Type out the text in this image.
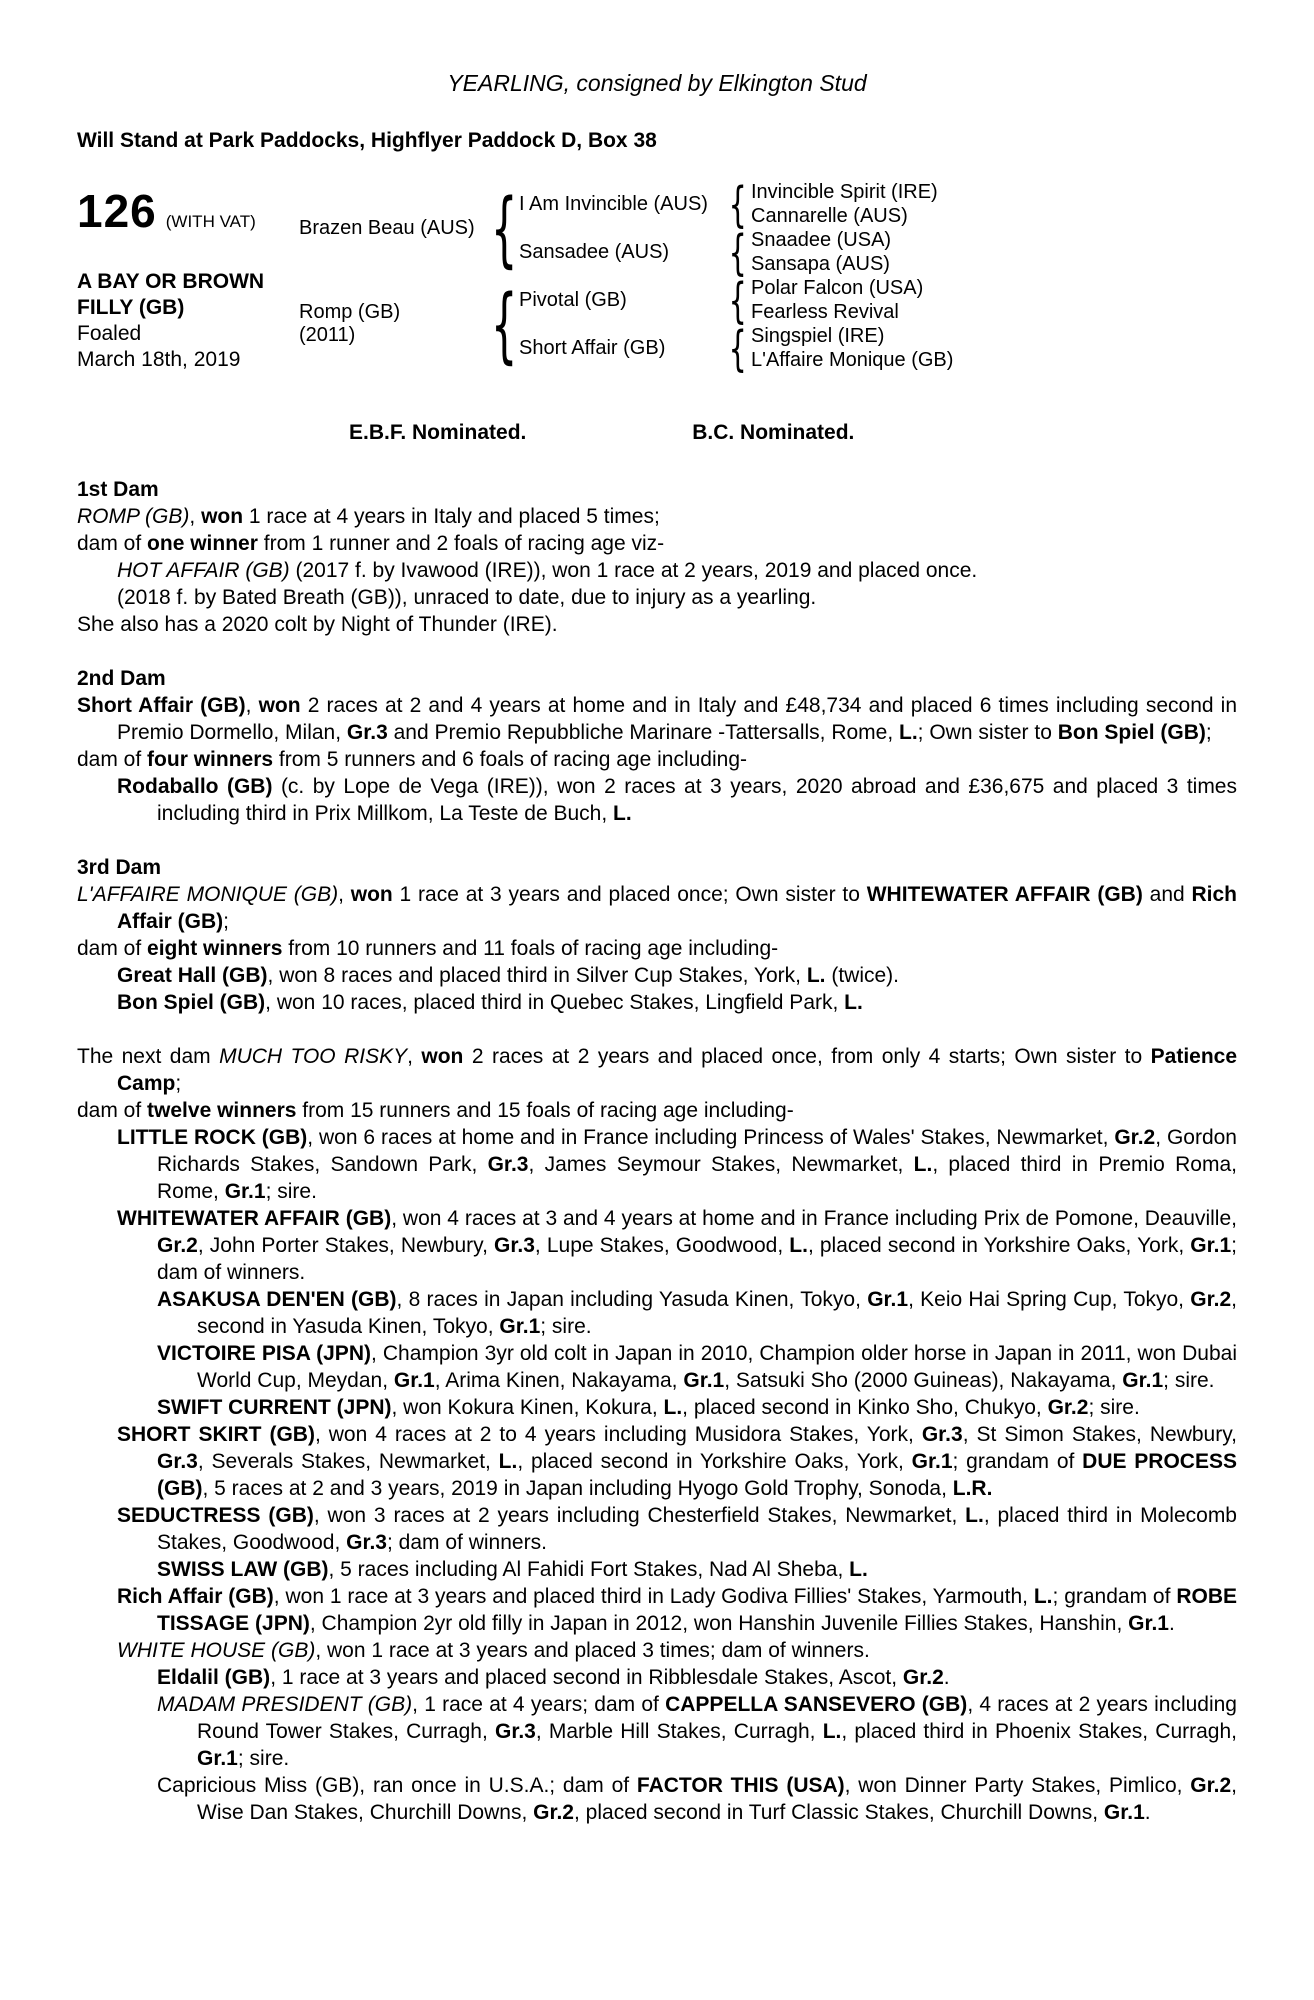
YEARLING, consigned by Elkington Stud
Will Stand at Park Paddocks, Highflyer Paddock D, Box 38
126 (WITH VAT)
A BAY OR BROWN
FILLY (GB)
Foaled
March 18th, 2019
Brazen Beau (AUS)
{
I Am Invincible (AUS)
{
Invincible Spirit (IRE)
Cannarelle (AUS)
Sansadee (AUS)
{
Snaadee (USA)
Sansapa (AUS)
Romp (GB)
(2011)
{
Pivotal (GB)
{
Polar Falcon (USA)
Fearless Revival
Short Affair (GB)
{
Singspiel (IRE)
L'Affaire Monique (GB)
E.B.F. Nominated.	B.C. Nominated.
1st Dam
ROMP (GB), won 1 race at 4 years in Italy and placed 5 times;
dam of one winner from 1 runner and 2 foals of racing age viz-
HOT AFFAIR (GB) (2017 f. by Ivawood (IRE)), won 1 race at 2 years, 2019 and placed once.
(2018 f. by Bated Breath (GB)), unraced to date, due to injury as a yearling.
She also has a 2020 colt by Night of Thunder (IRE).
2nd Dam
Short Affair (GB), won 2 races at 2 and 4 years at home and in Italy and £48,734 and placed 6 times including second in Premio Dormello, Milan, Gr.3 and Premio Repubbliche Marinare -Tattersalls, Rome, L.; Own sister to Bon Spiel (GB);
dam of four winners from 5 runners and 6 foals of racing age including-
Rodaballo (GB) (c. by Lope de Vega (IRE)), won 2 races at 3 years, 2020 abroad and £36,675 and placed 3 times including third in Prix Millkom, La Teste de Buch, L.
3rd Dam
L'AFFAIRE MONIQUE (GB), won 1 race at 3 years and placed once; Own sister to WHITEWATER AFFAIR (GB) and Rich Affair (GB);
dam of eight winners from 10 runners and 11 foals of racing age including-
Great Hall (GB), won 8 races and placed third in Silver Cup Stakes, York, L. (twice).
Bon Spiel (GB), won 10 races, placed third in Quebec Stakes, Lingfield Park, L.
The next dam MUCH TOO RISKY, won 2 races at 2 years and placed once, from only 4 starts; Own sister to Patience Camp;
dam of twelve winners from 15 runners and 15 foals of racing age including-
LITTLE ROCK (GB), won 6 races at home and in France including Princess of Wales' Stakes, Newmarket, Gr.2, Gordon Richards Stakes, Sandown Park, Gr.3, James Seymour Stakes, Newmarket, L., placed third in Premio Roma, Rome, Gr.1; sire.
WHITEWATER AFFAIR (GB), won 4 races at 3 and 4 years at home and in France including Prix de Pomone, Deauville, Gr.2, John Porter Stakes, Newbury, Gr.3, Lupe Stakes, Goodwood, L., placed second in Yorkshire Oaks, York, Gr.1; dam of winners.
ASAKUSA DEN'EN (GB), 8 races in Japan including Yasuda Kinen, Tokyo, Gr.1, Keio Hai Spring Cup, Tokyo, Gr.2, second in Yasuda Kinen, Tokyo, Gr.1; sire.
VICTOIRE PISA (JPN), Champion 3yr old colt in Japan in 2010, Champion older horse in Japan in 2011, won Dubai World Cup, Meydan, Gr.1, Arima Kinen, Nakayama, Gr.1, Satsuki Sho (2000 Guineas), Nakayama, Gr.1; sire.
SWIFT CURRENT (JPN), won Kokura Kinen, Kokura, L., placed second in Kinko Sho, Chukyo, Gr.2; sire.
SHORT SKIRT (GB), won 4 races at 2 to 4 years including Musidora Stakes, York, Gr.3, St Simon Stakes, Newbury, Gr.3, Severals Stakes, Newmarket, L., placed second in Yorkshire Oaks, York, Gr.1; grandam of DUE PROCESS (GB), 5 races at 2 and 3 years, 2019 in Japan including Hyogo Gold Trophy, Sonoda, L.R.
SEDUCTRESS (GB), won 3 races at 2 years including Chesterfield Stakes, Newmarket, L., placed third in Molecomb Stakes, Goodwood, Gr.3; dam of winners.
SWISS LAW (GB), 5 races including Al Fahidi Fort Stakes, Nad Al Sheba, L.
Rich Affair (GB), won 1 race at 3 years and placed third in Lady Godiva Fillies' Stakes, Yarmouth, L.; grandam of ROBE TISSAGE (JPN), Champion 2yr old filly in Japan in 2012, won Hanshin Juvenile Fillies Stakes, Hanshin, Gr.1.
WHITE HOUSE (GB), won 1 race at 3 years and placed 3 times; dam of winners.
Eldalil (GB), 1 race at 3 years and placed second in Ribblesdale Stakes, Ascot, Gr.2.
MADAM PRESIDENT (GB), 1 race at 4 years; dam of CAPPELLA SANSEVERO (GB), 4 races at 2 years including Round Tower Stakes, Curragh, Gr.3, Marble Hill Stakes, Curragh, L., placed third in Phoenix Stakes, Curragh, Gr.1; sire.
Capricious Miss (GB), ran once in U.S.A.; dam of FACTOR THIS (USA), won Dinner Party Stakes, Pimlico, Gr.2, Wise Dan Stakes, Churchill Downs, Gr.2, placed second in Turf Classic Stakes, Churchill Downs, Gr.1.
